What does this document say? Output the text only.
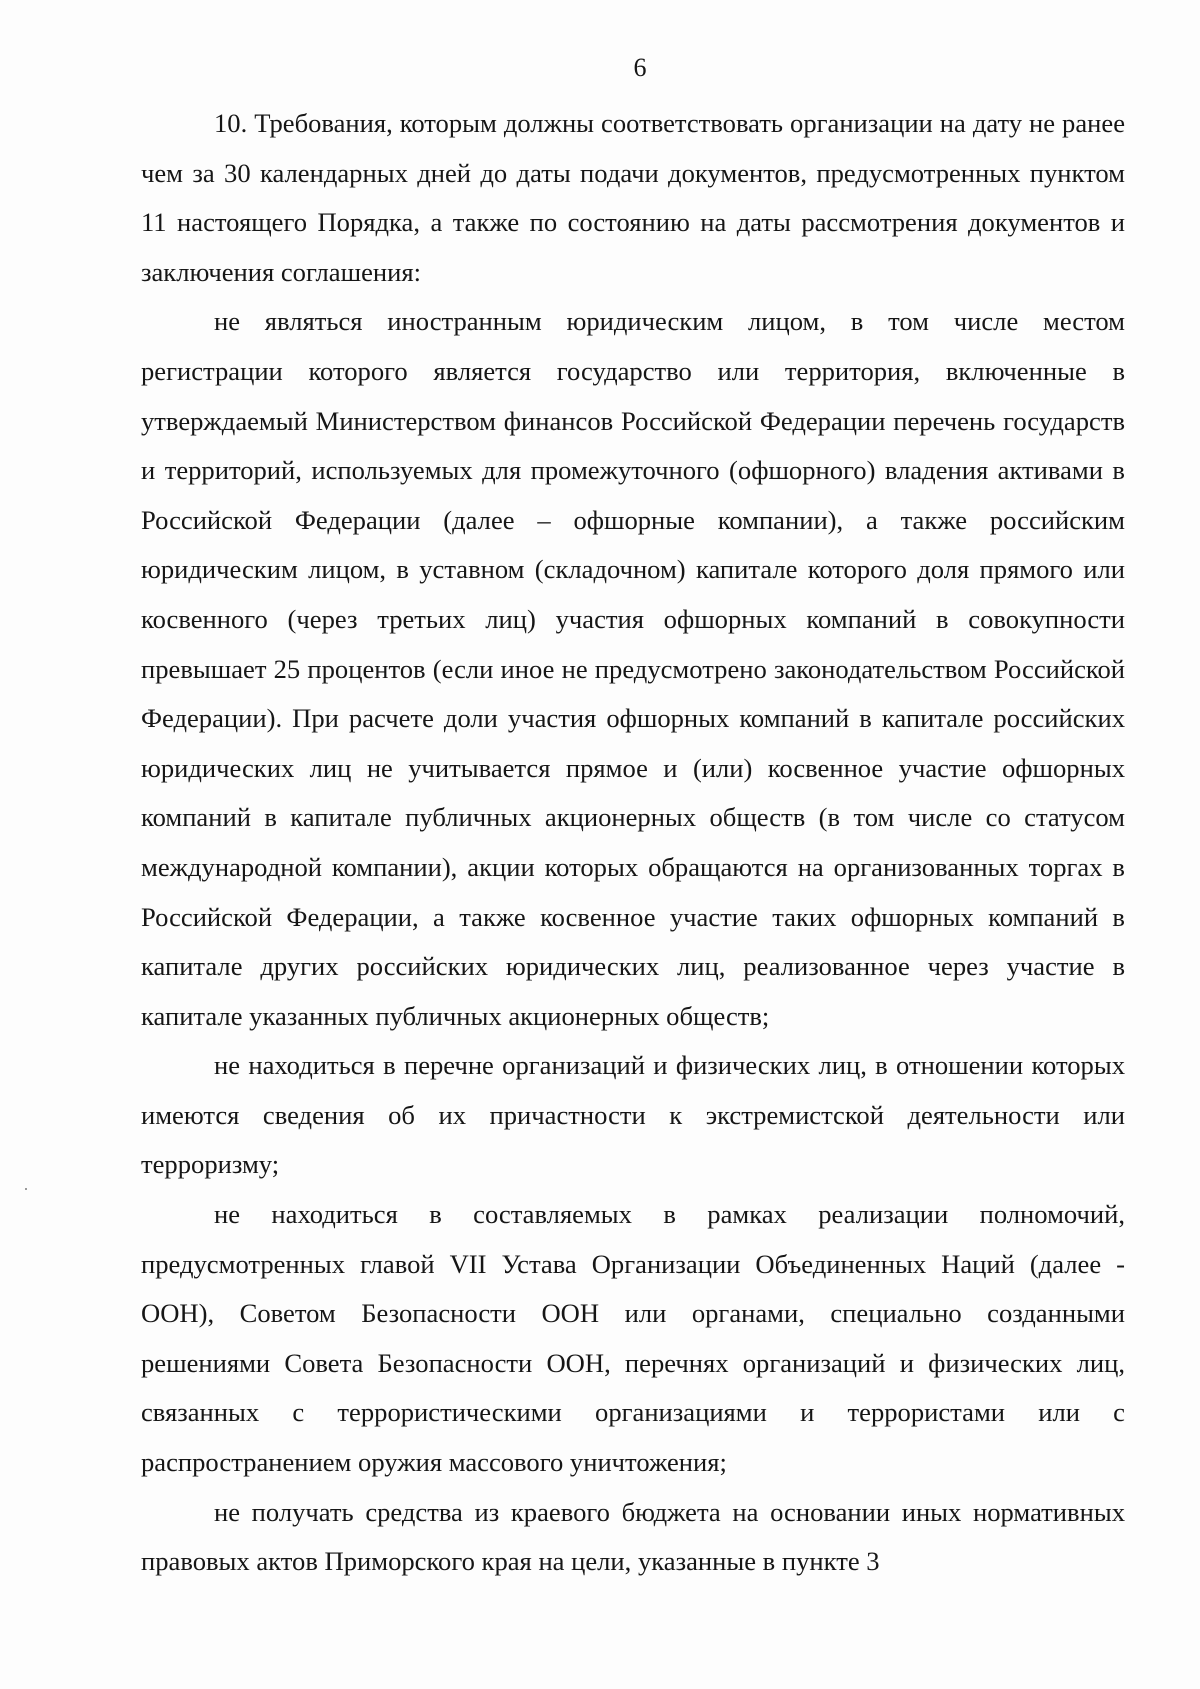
6

10. Требования, которым должны соответствовать организации на дату не ранее чем за 30 календарных дней до даты подачи документов, предусмотренных пунктом 11 настоящего Порядка, а также по состоянию на даты рассмотрения документов и заключения соглашения:

не являться иностранным юридическим лицом, в том числе местом регистрации которого является государство или территория, включенные в утверждаемый Министерством финансов Российской Федерации перечень государств и территорий, используемых для промежуточного (офшорного) владения активами в Российской Федерации (далее – офшорные компании), а также российским юридическим лицом, в уставном (складочном) капитале которого доля прямого или косвенного (через третьих лиц) участия офшорных компаний в совокупности превышает 25 процентов (если иное не предусмотрено законодательством Российской Федерации). При расчете доли участия офшорных компаний в капитале российских юридических лиц не учитывается прямое и (или) косвенное участие офшорных компаний в капитале публичных акционерных обществ (в том числе со статусом международной компании), акции которых обращаются на организованных торгах в Российской Федерации, а также косвенное участие таких офшорных компаний в капитале других российских юридических лиц, реализованное через участие в капитале указанных публичных акционерных обществ;

не находиться в перечне организаций и физических лиц, в отношении которых имеются сведения об их причастности к экстремистской деятельности или терроризму;

не находиться в составляемых в рамках реализации полномочий, предусмотренных главой VII Устава Организации Объединенных Наций (далее - ООН), Советом Безопасности ООН или органами, специально созданными решениями Совета Безопасности ООН, перечнях организаций и физических лиц, связанных с террористическими организациями и террористами или с распространением оружия массового уничтожения;

не получать средства из краевого бюджета на основании иных нормативных правовых актов Приморского края на цели, указанные в пункте 3
